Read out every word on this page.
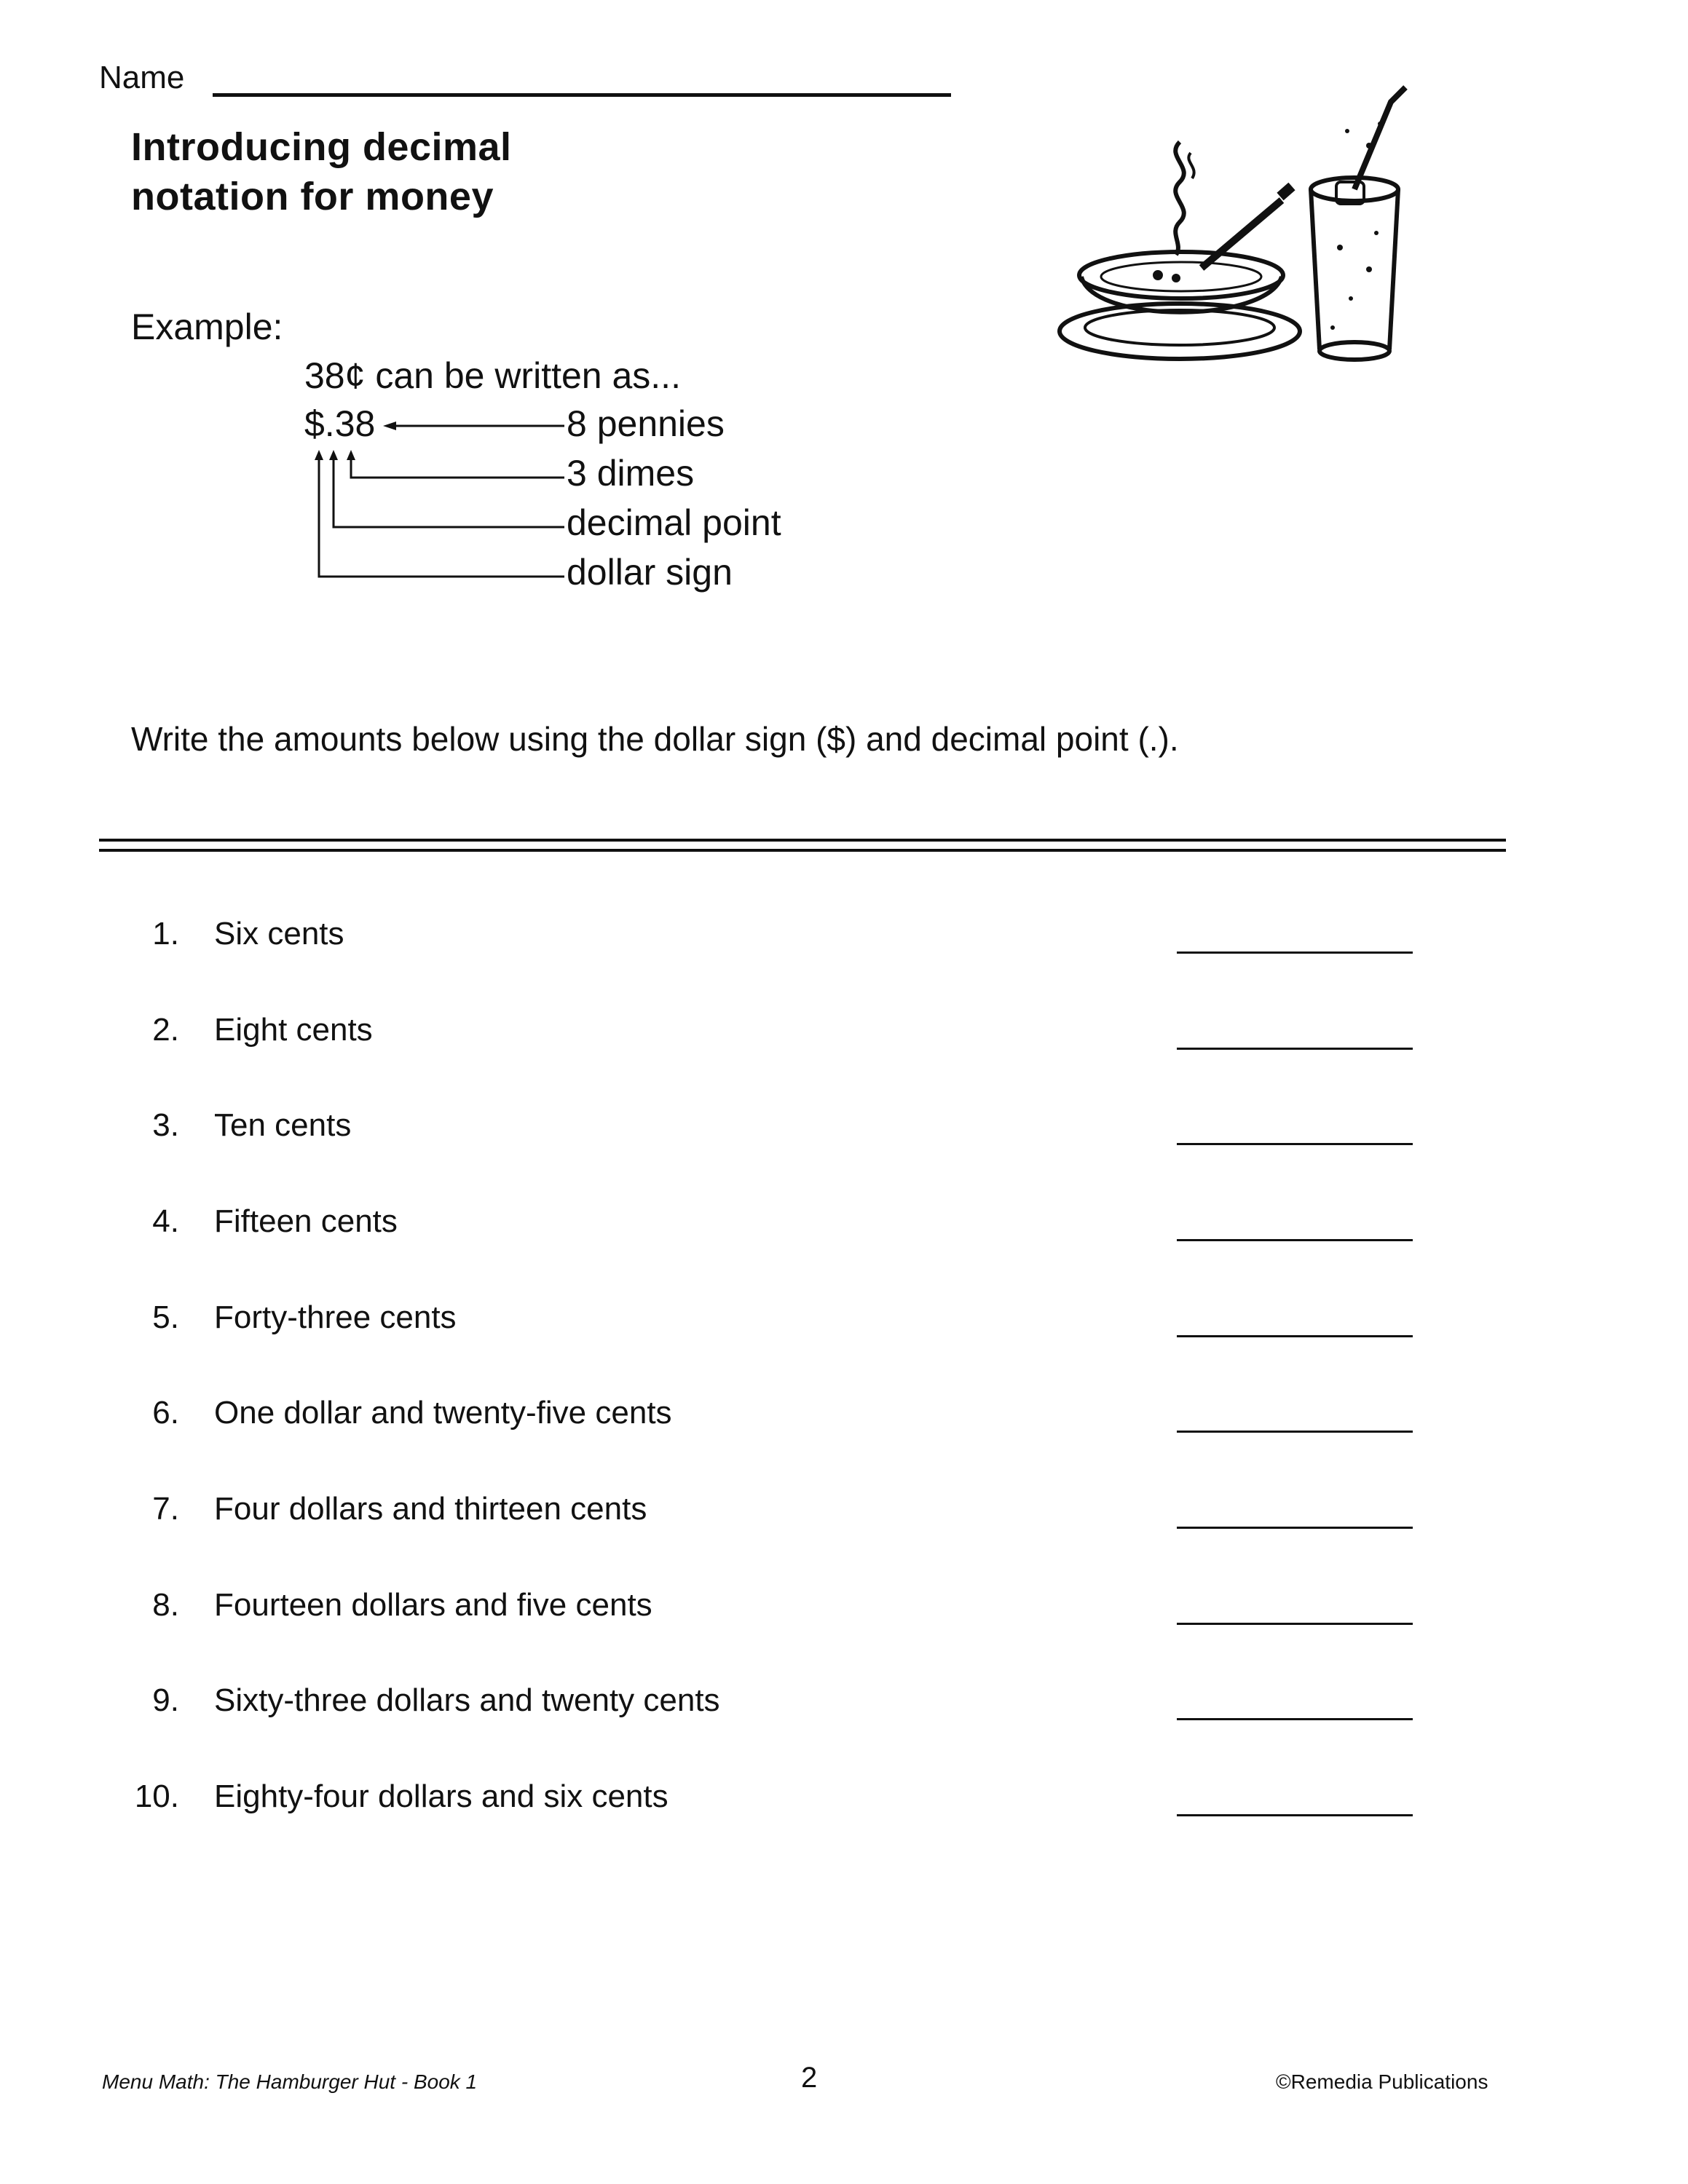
Name
Introducing decimal
notation for money
Example:
38¢ can be written as...
$.38	8 pennies
3 dimes
decimal point
dollar sign
Write the amounts below using the dollar sign ($) and decimal point (.).
1. Six cents
2. Eight cents
3. Ten cents
4. Fifteen cents
5. Forty-three cents
6. One dollar and twenty-five cents
7. Four dollars and thirteen cents
8. Fourteen dollars and five cents
9. Sixty-three dollars and twenty cents
10. Eighty-four dollars and six cents
Menu Math: The Hamburger Hut - Book 1	2	©Remedia Publications
